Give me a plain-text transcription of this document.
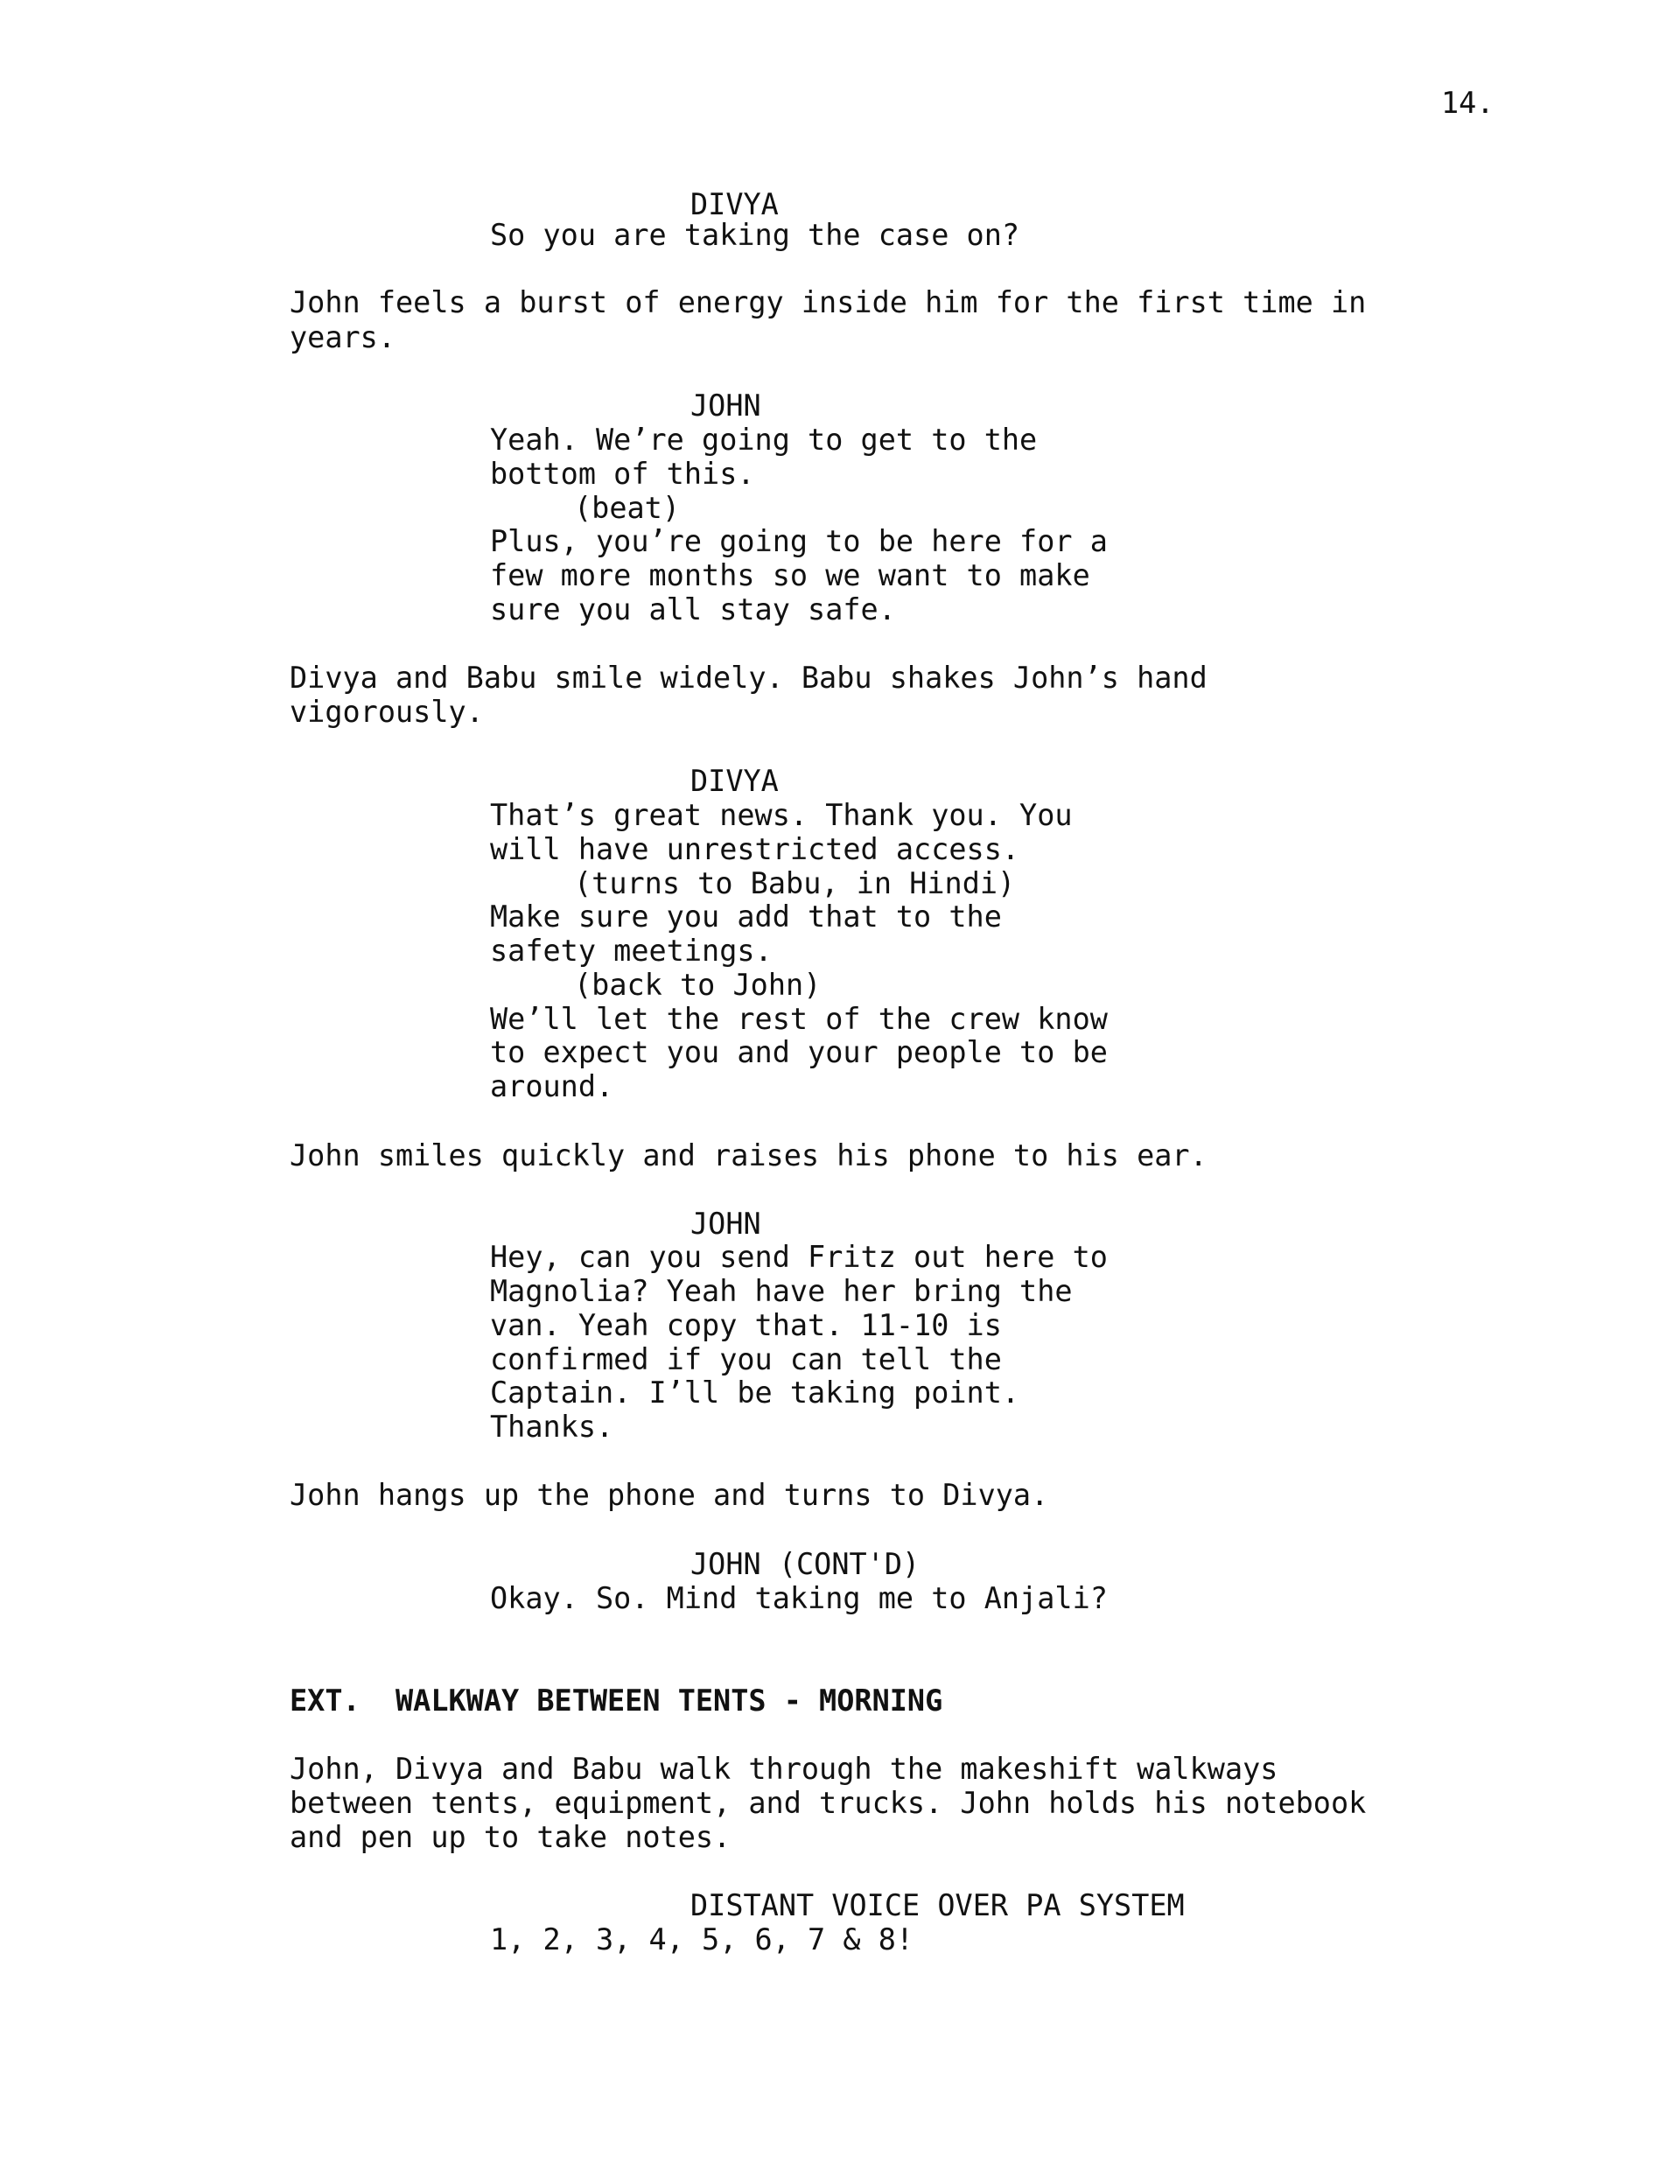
14.
DIVYA
So you are taking the case on?
John feels a burst of energy inside him for the first time in
years.
JOHN
Yeah. We’re going to get to the
bottom of this.
(beat)
Plus, you’re going to be here for a
few more months so we want to make
sure you all stay safe.
Divya and Babu smile widely. Babu shakes John’s hand
vigorously.
DIVYA
That’s great news. Thank you. You
will have unrestricted access.
(turns to Babu, in Hindi)
Make sure you add that to the
safety meetings.
(back to John)
We’ll let the rest of the crew know
to expect you and your people to be
around.
John smiles quickly and raises his phone to his ear.
JOHN
Hey, can you send Fritz out here to
Magnolia? Yeah have her bring the
van. Yeah copy that. 11-10 is
confirmed if you can tell the
Captain. I’ll be taking point.
Thanks.
John hangs up the phone and turns to Divya.
JOHN (CONT'D)
Okay. So. Mind taking me to Anjali?
EXT.  WALKWAY BETWEEN TENTS - MORNING
John, Divya and Babu walk through the makeshift walkways
between tents, equipment, and trucks. John holds his notebook
and pen up to take notes.
DISTANT VOICE OVER PA SYSTEM
1, 2, 3, 4, 5, 6, 7 & 8!
